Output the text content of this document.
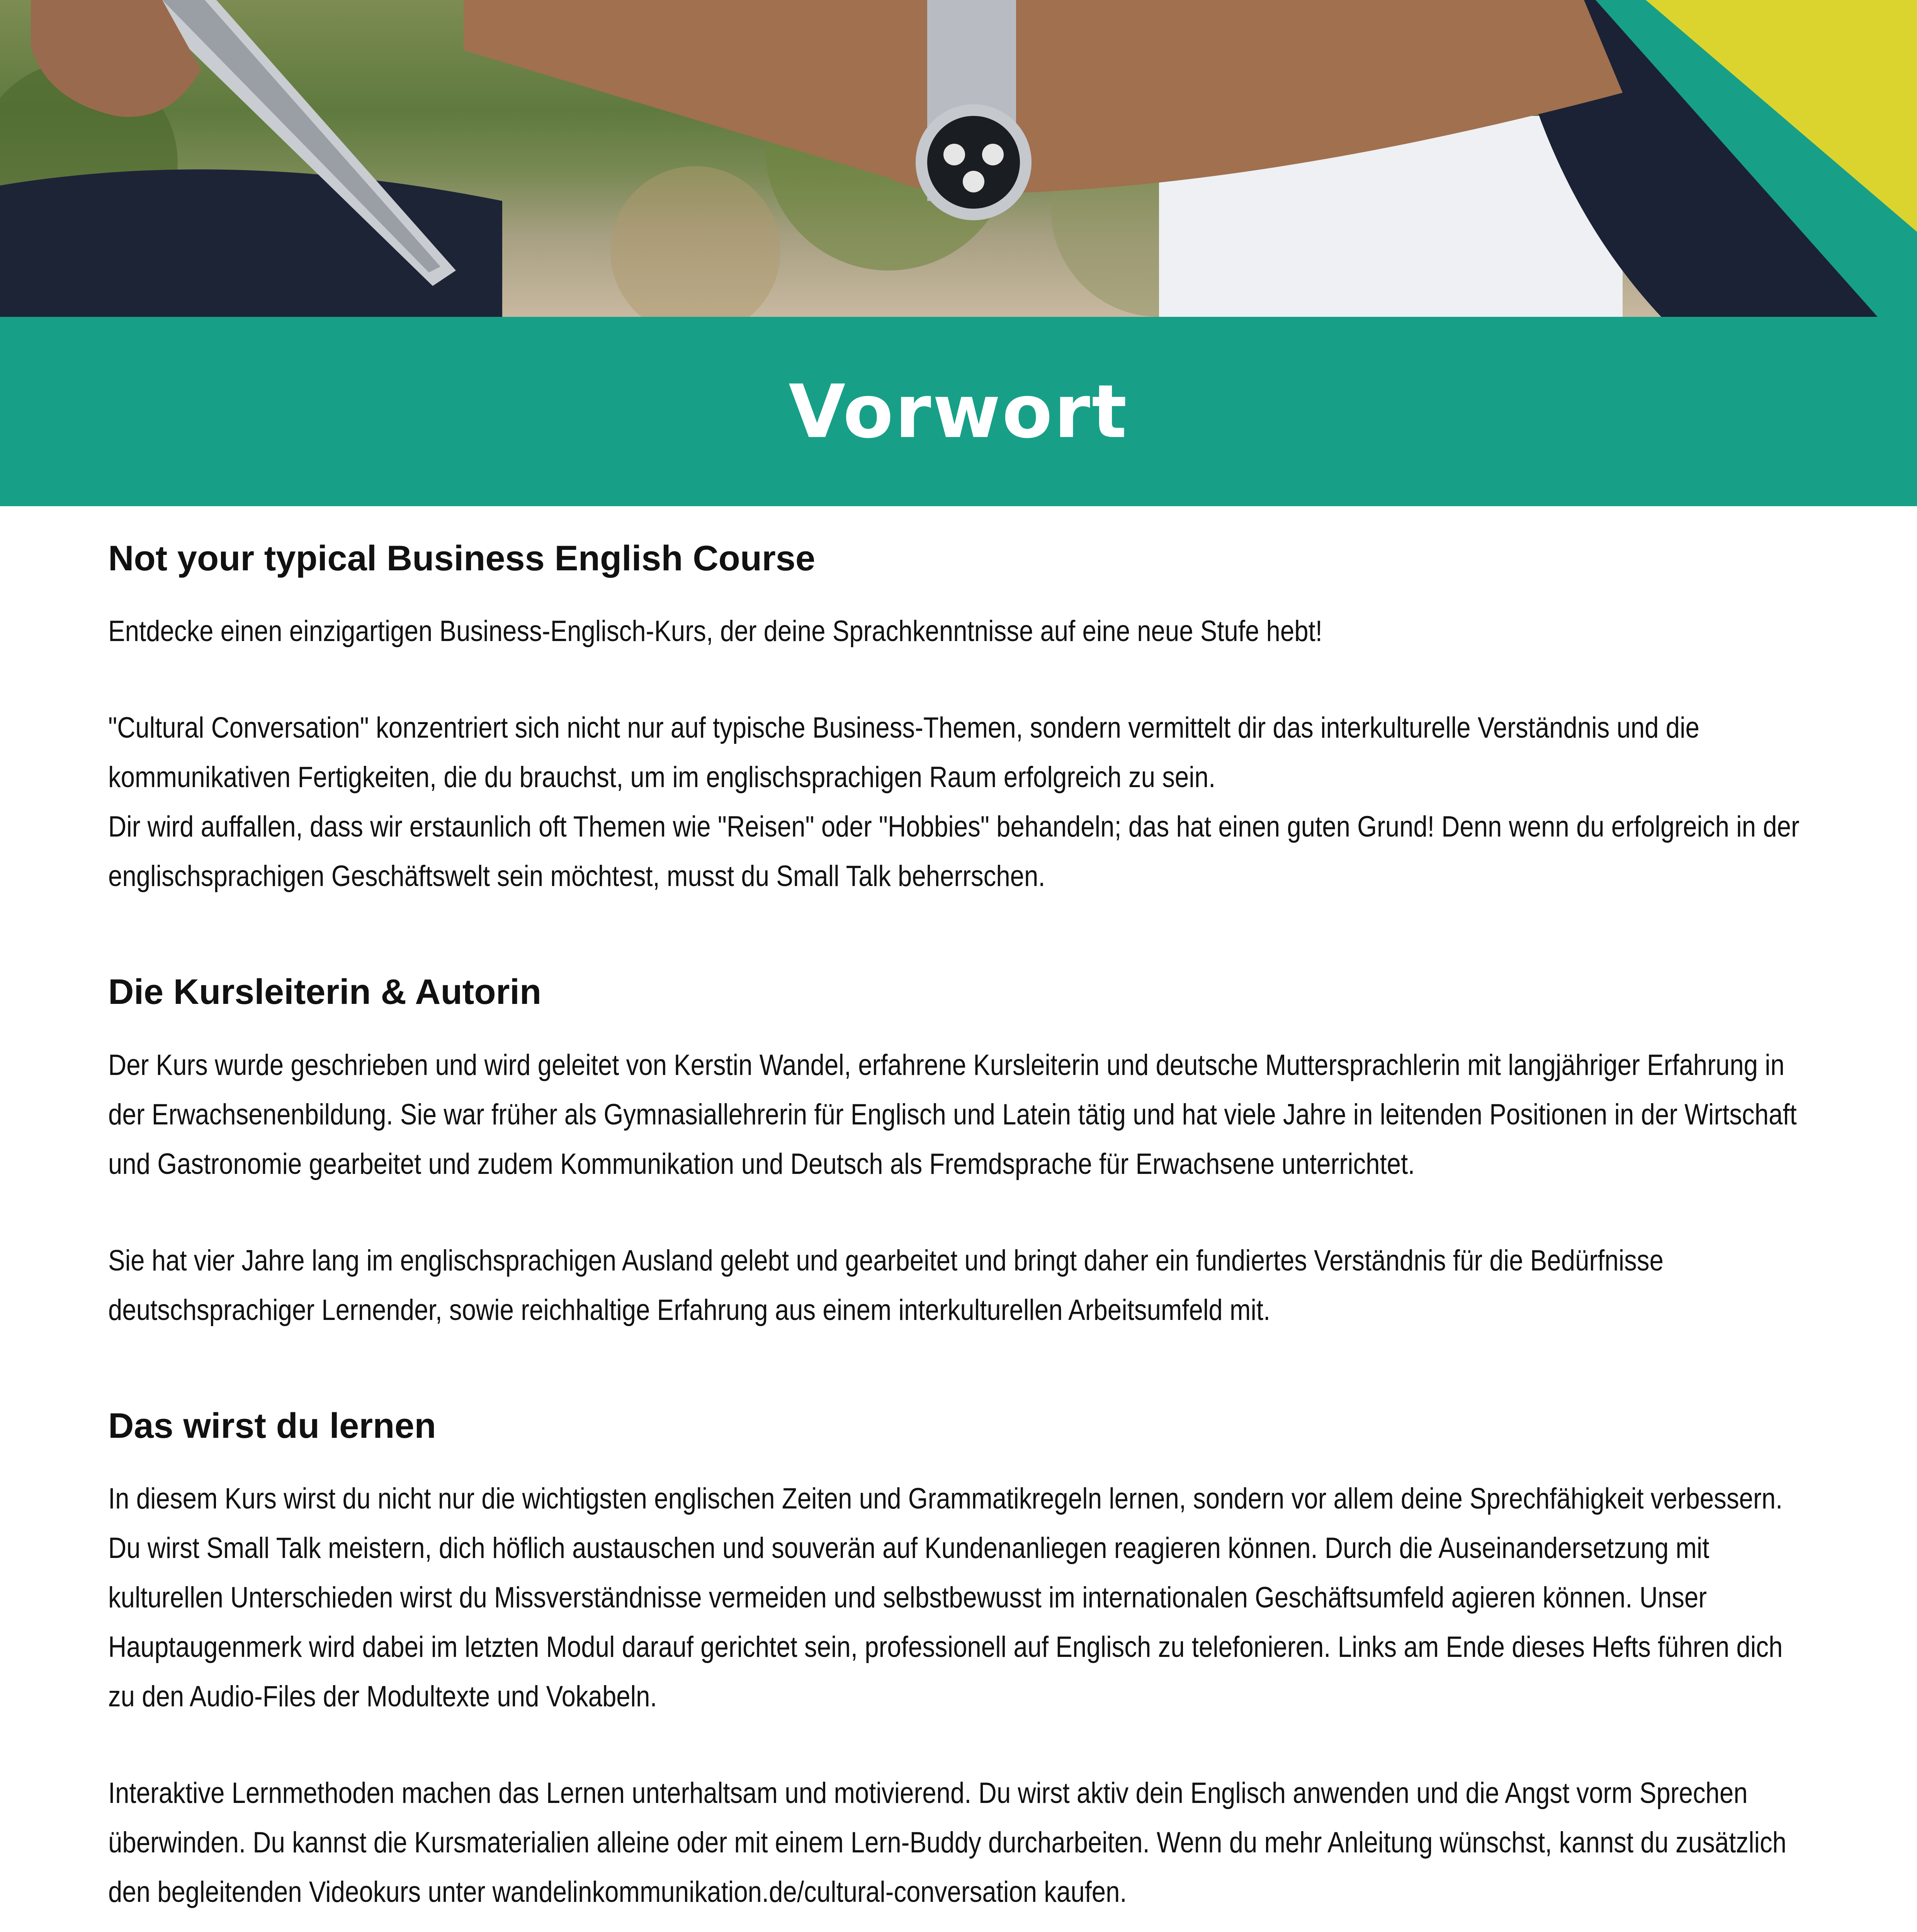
Vorwort
Not your typical Business English Course

Entdecke einen einzigartigen Business-Englisch-Kurs, der deine Sprachkenntnisse auf eine neue Stufe hebt!

"Cultural Conversation" konzentriert sich nicht nur auf typische Business-Themen, sondern vermittelt dir das interkulturelle Verständnis und die kommunikativen Fertigkeiten, die du brauchst, um im englischsprachigen Raum erfolgreich zu sein.

Dir wird auffallen, dass wir erstaunlich oft Themen wie "Reisen" oder "Hobbies" behandeln; das hat einen guten Grund! Denn wenn du erfolgreich in der englischsprachigen Geschäftswelt sein möchtest, musst du Small Talk beherrschen.

Die Kursleiterin & Autorin

Der Kurs wurde geschrieben und wird geleitet von Kerstin Wandel, erfahrene Kursleiterin und deutsche Muttersprachlerin mit langjähriger Erfahrung in der Erwachsenenbildung. Sie war früher als Gymnasiallehrerin für Englisch und Latein tätig und hat viele Jahre in leitenden Positionen in der Wirtschaft und Gastronomie gearbeitet und zudem Kommunikation und Deutsch als Fremdsprache für Erwachsene unterrichtet.

Sie hat vier Jahre lang im englischsprachigen Ausland gelebt und gearbeitet und bringt daher ein fundiertes Verständnis für die Bedürfnisse deutschsprachiger Lernender, sowie reichhaltige Erfahrung aus einem interkulturellen Arbeitsumfeld mit.

Das wirst du lernen

In diesem Kurs wirst du nicht nur die wichtigsten englischen Zeiten und Grammatikregeln lernen, sondern vor allem deine Sprechfähigkeit verbessern. Du wirst Small Talk meistern, dich höflich austauschen und souverän auf Kundenanliegen reagieren können. Durch die Auseinandersetzung mit kulturellen Unterschieden wirst du Missverständnisse vermeiden und selbstbewusst im internationalen Geschäftsumfeld agieren können. Unser Hauptaugenmerk wird dabei im letzten Modul darauf gerichtet sein, professionell auf Englisch zu telefonieren. Links am Ende dieses Hefts führen dich zu den Audio-Files der Modultexte und Vokabeln.

Interaktive Lernmethoden machen das Lernen unterhaltsam und motivierend. Du wirst aktiv dein Englisch anwenden und die Angst vorm Sprechen überwinden. Du kannst die Kursmaterialien alleine oder mit einem Lern-Buddy durcharbeiten. Wenn du mehr Anleitung wünschst, kannst du zusätzlich den begleitenden Videokurs unter wandelinkommunikation.de/cultural-conversation kaufen.
